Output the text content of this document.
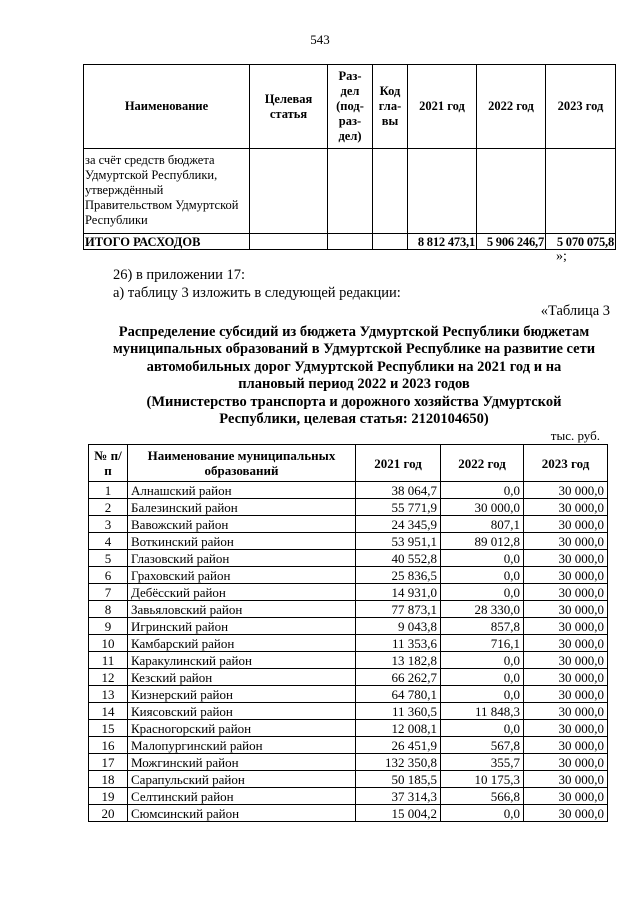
543
Наименование	Целевая статья	Раз-дел (под-раз-дел)	Код гла-вы	2021 год	2022 год	2023 год
за счёт средств бюджета Удмуртской Республики, утверждённый Правительством Удмуртской Республики						
ИТОГО РАСХОДОВ				8 812 473,1	5 906 246,7	5 070 075,8
»;
26) в приложении 17:
а) таблицу 3 изложить в следующей редакции:
«Таблица 3
Распределение субсидий из бюджета Удмуртской Республики бюджетам
муниципальных образований в Удмуртской Республике на развитие сети
автомобильных дорог Удмуртской Республики на 2021 год и на
плановый период 2022 и 2023 годов
(Министерство транспорта и дорожного хозяйства Удмуртской
Республики, целевая статья: 2120104650)
тыс. руб.
№ п/п	Наименование муниципальных образований	2021 год	2022 год	2023 год
1	Алнашский район	38 064,7	0,0	30 000,0
2	Балезинский район	55 771,9	30 000,0	30 000,0
3	Вавожский район	24 345,9	807,1	30 000,0
4	Воткинский район	53 951,1	89 012,8	30 000,0
5	Глазовский район	40 552,8	0,0	30 000,0
6	Граховский район	25 836,5	0,0	30 000,0
7	Дебёсский район	14 931,0	0,0	30 000,0
8	Завьяловский район	77 873,1	28 330,0	30 000,0
9	Игринский район	9 043,8	857,8	30 000,0
10	Камбарский район	11 353,6	716,1	30 000,0
11	Каракулинский район	13 182,8	0,0	30 000,0
12	Кезский район	66 262,7	0,0	30 000,0
13	Кизнерский район	64 780,1	0,0	30 000,0
14	Киясовский район	11 360,5	11 848,3	30 000,0
15	Красногорский район	12 008,1	0,0	30 000,0
16	Малопургинский район	26 451,9	567,8	30 000,0
17	Можгинский район	132 350,8	355,7	30 000,0
18	Сарапульский район	50 185,5	10 175,3	30 000,0
19	Селтинский район	37 314,3	566,8	30 000,0
20	Сюмсинский район	15 004,2	0,0	30 000,0
